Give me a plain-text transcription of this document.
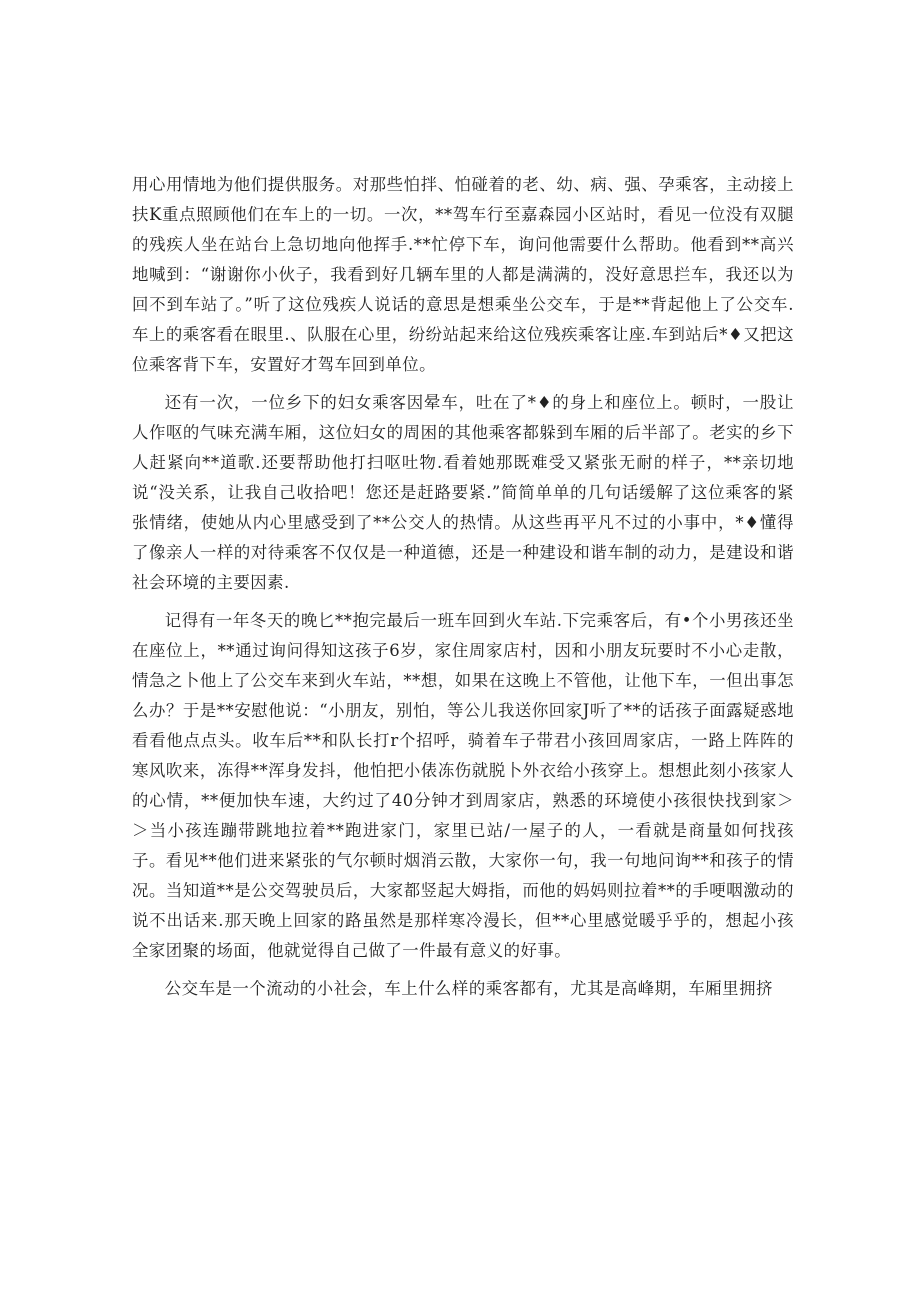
用心用情地为他们提供服务。对那些怕拌、怕碰着的老、幼、病、强、孕乘客，主动接上扶K重点照顾他们在车上的一切。一次，**驾车行至嘉森园小区站时，看见一位没有双腿的残疾人坐在站台上急切地向他挥手.**忙停下车，询问他需要什么帮助。他看到**高兴地喊到：“谢谢你小伙子，我看到好几辆车里的人都是满满的，没好意思拦车，我还以为回不到车站了。”听了这位残疾人说话的意思是想乘坐公交车，于是**背起他上了公交车.车上的乘客看在眼里.、队服在心里，纷纷站起来给这位残疾乘客让座.车到站后*♦又把这位乘客背下车，安置好才驾车回到单位。

还有一次，一位乡下的妇女乘客因晕车，吐在了*♦的身上和座位上。顿时，一股让人作呕的气味充满车厢，这位妇女的周困的其他乘客都躲到车厢的后半部了。老实的乡下人赶紧向**道歌.还要帮助他打扫呕吐物.看着她那既难受又紧张无耐的样子，**亲切地说“没关系，让我自己收拾吧！您还是赶路要紧.”简简单单的几句话缓解了这位乘客的紧张情绪，使她从内心里感受到了**公交人的热情。从这些再平凡不过的小事中，*♦懂得了像亲人一样的对待乘客不仅仅是一种道德，还是一种建设和谐车制的动力，是建设和谐社会环境的主要因素.

记得有一年冬天的晚匕**抱完最后一班车回到火车站.下完乘客后，有•个小男孩还坐在座位上，**通过询问得知这孩子6岁，家住周家店村，因和小朋友玩要时不小心走散，情急之卜他上了公交车来到火车站，**想，如果在这晚上不管他，让他下车，一但出事怎么办？于是**安慰他说：“小朋友，别怕，等公儿我送你回家J听了**的话孩子面露疑惑地看看他点点头。收车后**和队长打r个招呼，骑着车子带君小孩回周家店，一路上阵阵的寒风吹来，冻得**浑身发抖，他怕把小俵冻伤就脱卜外衣给小孩穿上。想想此刻小孩家人的心情，**便加快车速，大约过了40分钟才到周家店，熟悉的环境使小孩很快找到家＞＞当小孩连蹦带跳地拉着**跑进家门，家里已站/一屋子的人，一看就是商量如何找孩子。看见**他们进来紧张的气尔顿时烟消云散，大家你一句，我一句地问询**和孩子的情况。当知道**是公交驾驶员后，大家都竖起大姆指，而他的妈妈则拉着**的手哽咽激动的说不出话来.那天晚上回家的路虽然是那样寒冷漫长，但**心里感觉暖乎乎的，想起小孩全家团聚的场面，他就觉得自己做了一件最有意义的好事。

公交车是一个流动的小社会，车上什么样的乘客都有，尤其是高峰期，车厢里拥挤
